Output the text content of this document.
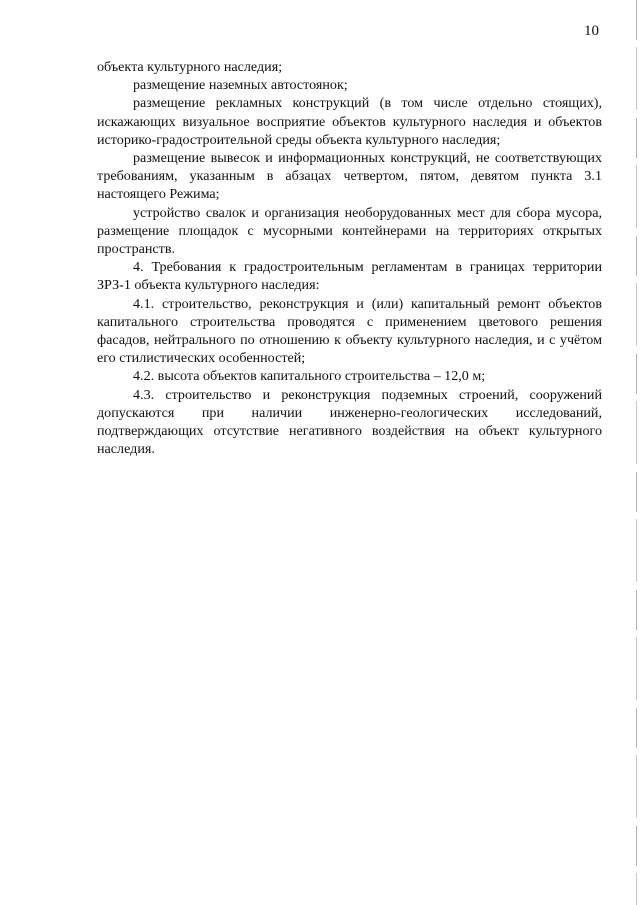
10

объекта культурного наследия;

размещение наземных автостоянок;

размещение рекламных конструкций (в том числе отдельно стоящих), искажающих визуальное восприятие объектов культурного наследия и объектов историко-градостроительной среды объекта культурного наследия;

размещение вывесок и информационных конструкций, не соответствующих требованиям, указанным в абзацах четвертом, пятом, девятом пункта 3.1 настоящего Режима;

устройство свалок и организация необорудованных мест для сбора мусора, размещение площадок с мусорными контейнерами на территориях открытых пространств.

4. Требования к градостроительным регламентам в границах территории ЗРЗ-1 объекта культурного наследия:

4.1. строительство, реконструкция и (или) капитальный ремонт объектов капитального строительства проводятся с применением цветового решения фасадов, нейтрального по отношению к объекту культурного наследия, и с учётом его стилистических особенностей;

4.2. высота объектов капитального строительства – 12,0 м;

4.3. строительство и реконструкция подземных строений, сооружений допускаются при наличии инженерно-геологических исследований, подтверждающих отсутствие негативного воздействия на объект культурного наследия.
